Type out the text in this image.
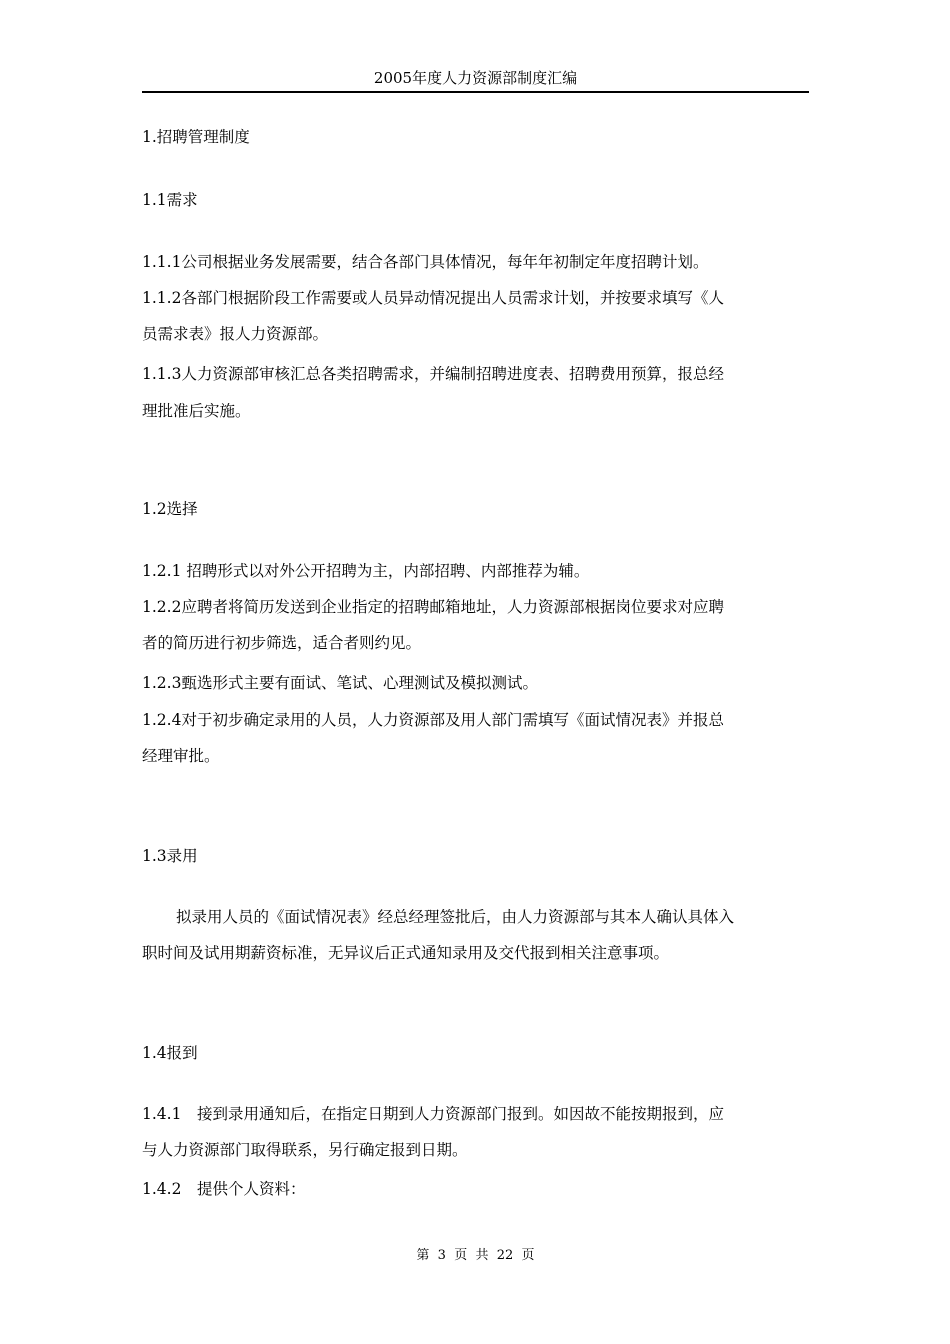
2005年度人力资源部制度汇编
1.招聘管理制度
1.1需求
1.1.1公司根据业务发展需要，结合各部门具体情况，每年年初制定年度招聘计划。
1.1.2各部门根据阶段工作需要或人员异动情况提出人员需求计划，并按要求填写《人
员需求表》报人力资源部。
1.1.3人力资源部审核汇总各类招聘需求，并编制招聘进度表、招聘费用预算，报总经
理批准后实施。
1.2选择
1.2.1 招聘形式以对外公开招聘为主，内部招聘、内部推荐为辅。
1.2.2应聘者将简历发送到企业指定的招聘邮箱地址，人力资源部根据岗位要求对应聘
者的简历进行初步筛选，适合者则约见。
1.2.3甄选形式主要有面试、笔试、心理测试及模拟测试。
1.2.4对于初步确定录用的人员，人力资源部及用人部门需填写《面试情况表》并报总
经理审批。
1.3录用
拟录用人员的《面试情况表》经总经理签批后，由人力资源部与其本人确认具体入
职时间及试用期薪资标准，无异议后正式通知录用及交代报到相关注意事项。
1.4报到
1.4.1　接到录用通知后，在指定日期到人力资源部门报到。如因故不能按期报到，应
与人力资源部门取得联系，另行确定报到日期。
1.4.2　提供个人资料：
第  3  页  共  22  页
